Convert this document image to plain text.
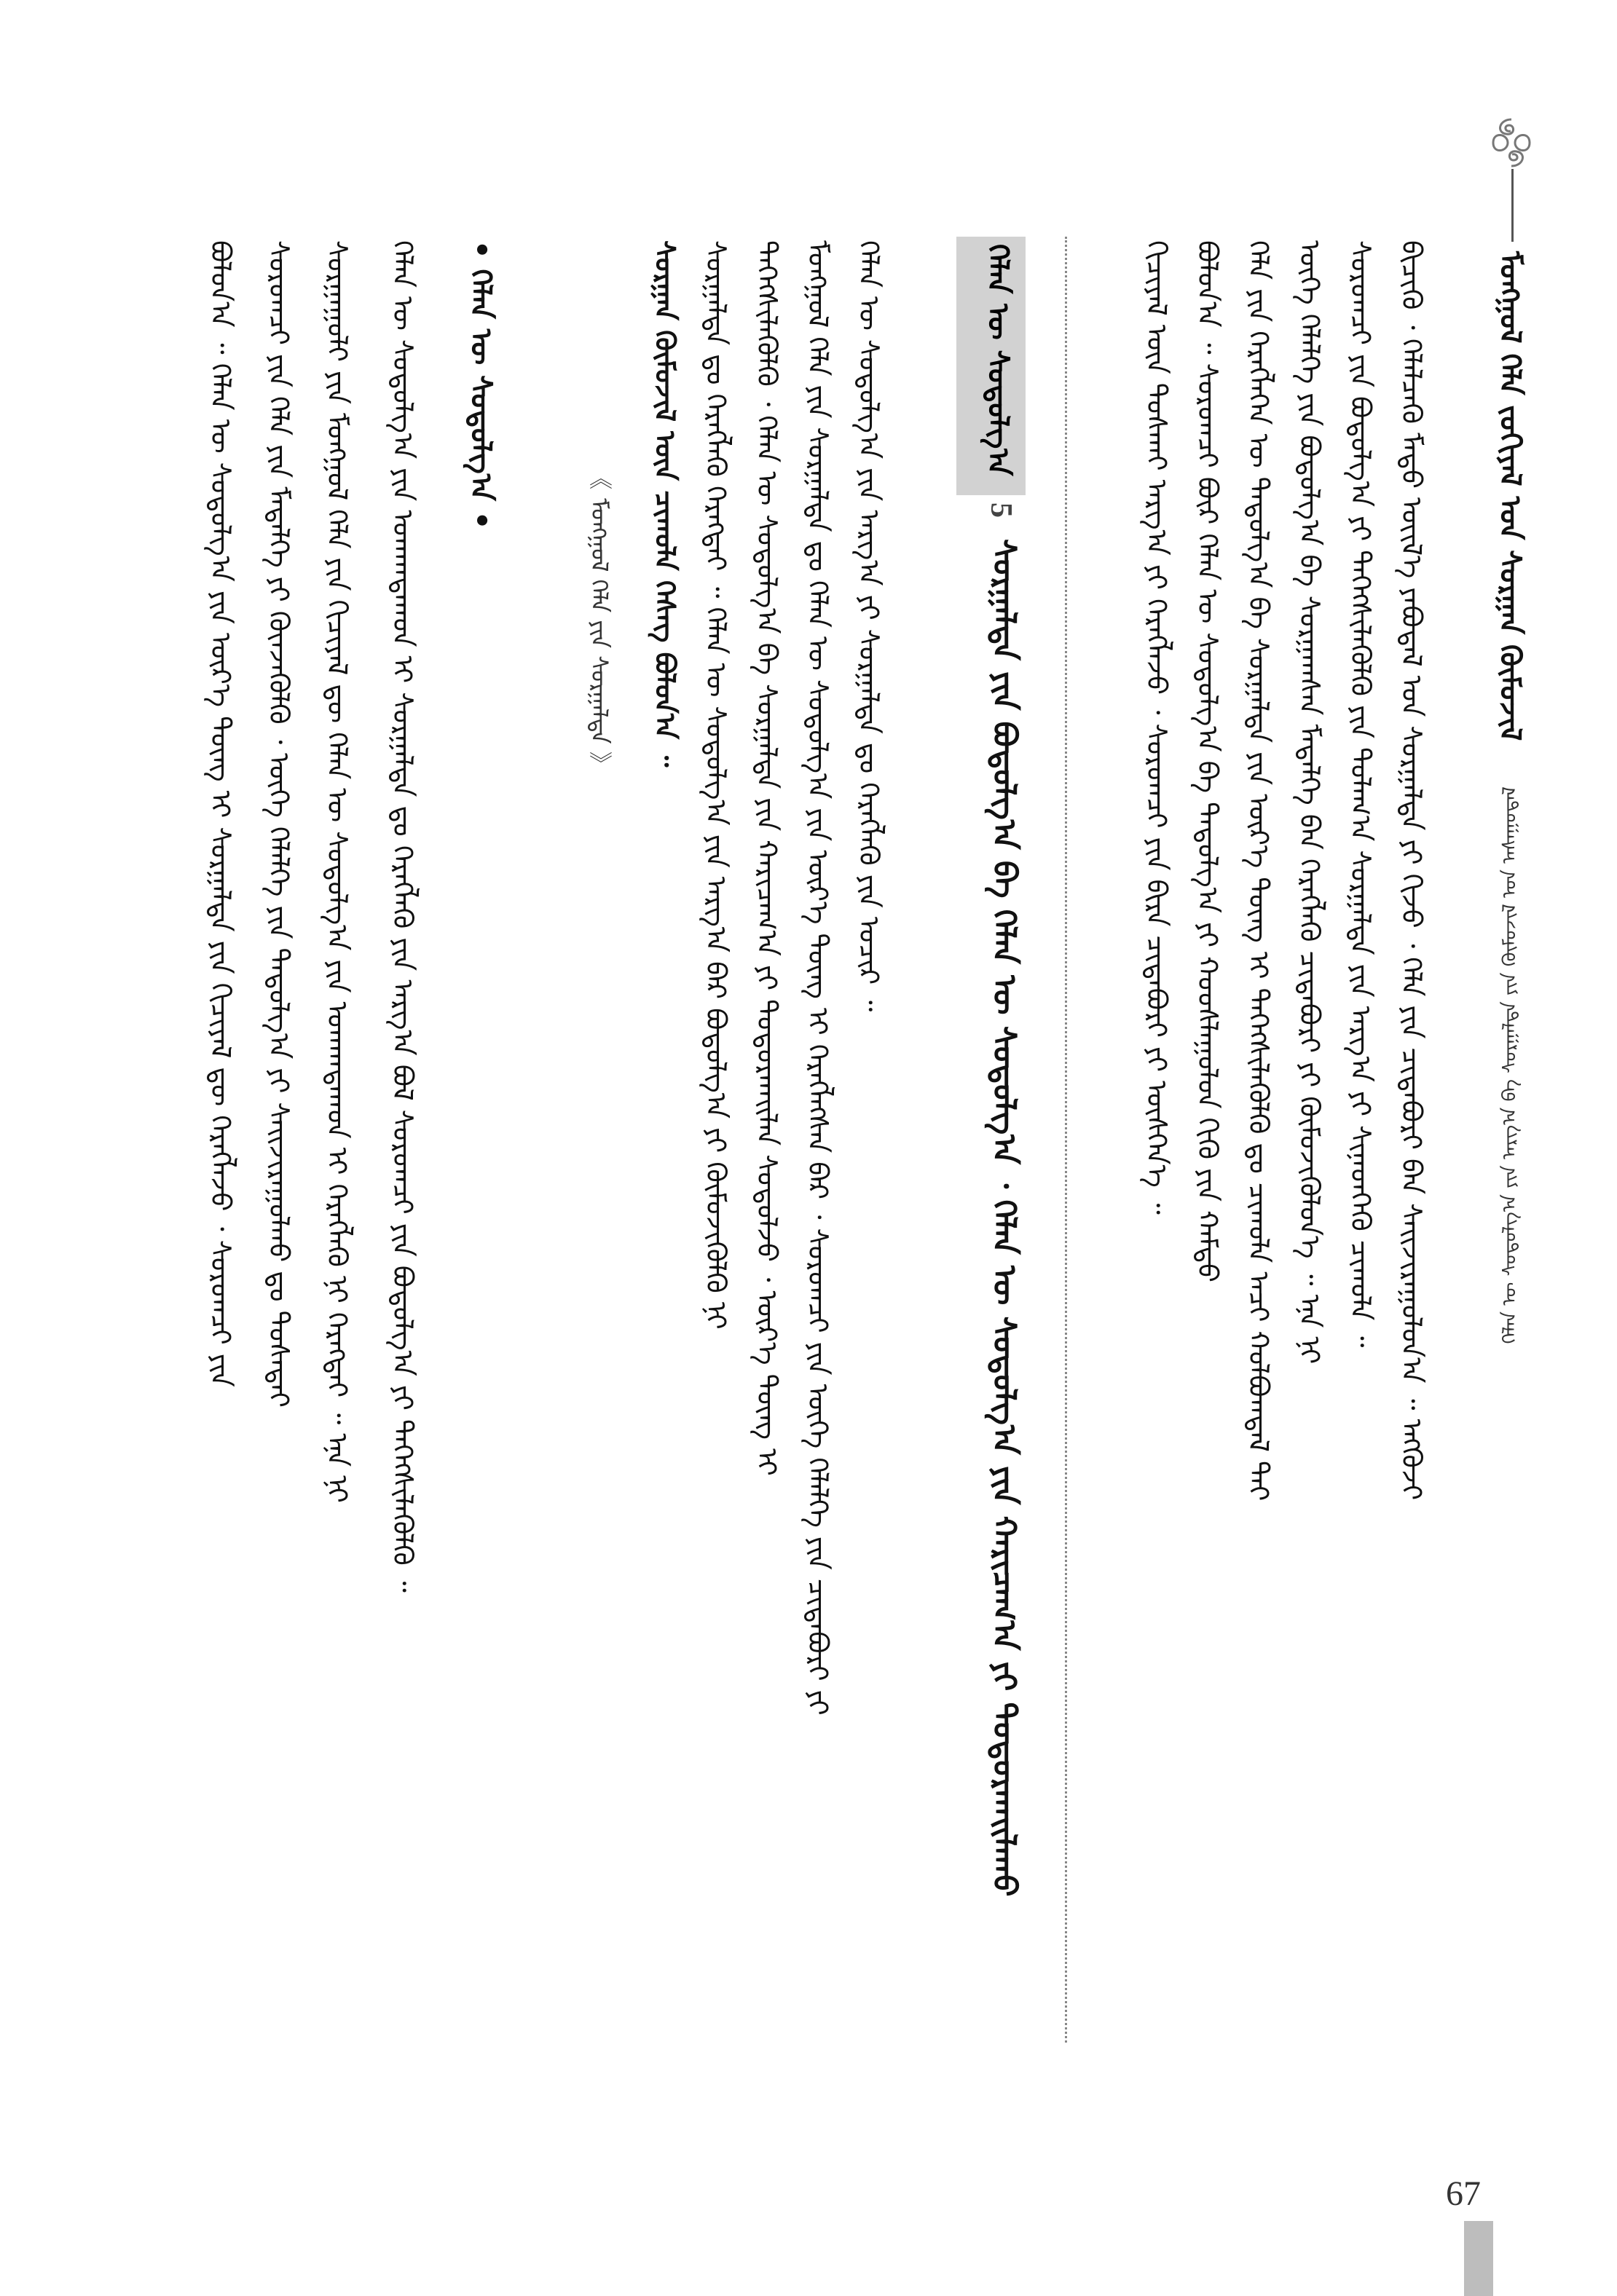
ᠮᠣᠩᠭᠣᠯ ᠬᠡᠯᠡ ᠵᠣᠬᠢᠶᠠᠯ ᠤᠨ ᠰᠤᠷᠭᠠᠨ ᠬᠦᠮᠦᠵᠢᠯ
ᠬᠡᠯᠡᠨ ᠦ ᠰᠤᠳᠤᠯᠭ᠎ᠠ ᠶᠢᠨ ᠠᠷᠭ᠎ᠠ ᠪᠠ ᠰᠤᠷᠭᠠᠯᠲᠠ ᠶᠢᠨ ᠬᠦᠮᠦᠵᠢᠯ ᠤᠨ ᠠᠰᠠᠭᠤᠳᠠᠯ
ᠪᠢᠴᠢᠭᠦ ᠂ ᠬᠡᠯᠡᠯᠴᠡᠬᠦ ᠮᠡᠲᠦ ᠦᠢᠯ᠎ᠡ ᠶᠠᠪᠤᠳᠠᠯ ᠤᠨ ᠰᠤᠷᠭᠠᠯᠲᠠ ᠶᠢ ᠬᠢᠵᠦ ᠂ ᠬᠡᠯᠡ ᠶᠢᠨ ᠴᠢᠳᠠᠪᠤᠷᠢ ᠪᠡᠨ ᠰᠠᠢᠵᠢᠷᠠᠭᠤᠯᠤᠨ᠎ᠠ ᠃ ᠡᠩᠭᠦᠵᠢ
ᠰᠤᠷᠤᠭᠴᠢ ᠶᠢᠨ ᠪᠤᠳᠤᠯᠭ᠎ᠠ ᠶᠢ ᠳᠡᠭᠡᠭᠰᠢᠯᠡᠭᠦᠯᠬᠦ ᠶᠢᠨ ᠲᠤᠯᠠᠭ᠎ᠠ ᠰᠤᠷᠭᠠᠯᠲᠠ ᠶᠢᠨ ᠠᠷᠭ᠎ᠠ ᠶᠢ ᠰᠢᠨᠡᠳᠭᠡᠬᠦ ᠴᠢᠬᠤᠯᠠ ᠃
ᠦᠭᠡ ᠬᠡᠯᠡᠯᠭᠡ ᠶᠢᠨ ᠪᠤᠳᠤᠯᠭ᠎ᠠ ᠪᠠ ᠰᠤᠷᠭᠠᠭᠰᠠᠨ ᠮᠡᠳᠡᠯᠭᠡ ᠪᠡᠨ ᠬᠡᠷᠡᠭᠯᠡᠬᠦ ᠴᠢᠳᠠᠪᠤᠷᠢ ᠶᠢ ᠬᠦᠮᠦᠵᠢᠭᠦᠯᠦᠨ᠎ᠡ ᠃ ᠡᠨᠡ ᠨᠢ
ᠬᠡᠯᠡ ᠶᠢᠨ ᠬᠡᠷᠡᠭᠯᠡᠭᠡᠨ ᠦ ᠳᠠᠳᠤᠯᠭ᠎ᠠ ᠪᠠ ᠰᠤᠷᠭᠠᠯᠲᠠ ᠶᠢᠨ ᠦᠷ᠎ᠡ ᠳᠦᠩ ᠢ ᠳᠡᠭᠡᠭᠰᠢᠯᠡᠭᠦᠯᠬᠦ ᠳᠤ ᠴᠢᠬᠤᠯᠠ ᠠᠴᠢ ᠬᠤᠯᠪᠤᠭᠳᠠᠯ ᠲᠠᠢ
ᠪᠣᠯᠤᠨ᠎ᠠ ᠃ ᠰᠤᠷᠤᠭᠴᠢ ᠪᠦᠷ ᠬᠡᠯᠡᠨ ᠦ ᠰᠤᠳᠤᠯᠭ᠎ᠠ ᠪᠠ ᠳᠠᠳᠤᠯᠭ᠎ᠠ ᠶᠢ ᠬᠤᠤᠰᠯᠠᠭᠤᠯᠤᠨ ᠬᠢᠬᠦ ᠶᠢᠨ ᠬᠠᠮᠲᠤ
ᠬᠢᠴᠢᠶᠡᠯ ᠦᠨ ᠲᠤᠰᠬᠠᠢ ᠠᠷᠭ᠎ᠠ ᠶᠢ ᠬᠡᠷᠡᠭᠯᠡᠵᠦ ᠂ ᠰᠤᠷᠤᠭᠴᠢ ᠶᠢᠨ ᠪᠢᠷᠠ ᠴᠢᠳᠠᠪᠤᠷᠢ ᠶᠢ ᠥᠰᠭᠡᠨ᠎ᠡ ᠃
ᠬᠡᠯᠡᠨ ᠦ ᠰᠤᠳᠤᠯᠭ᠎ᠠ
5
ᠰᠤᠷᠭᠠᠯᠲᠠ ᠶᠢᠨ ᠪᠤᠳᠤᠯᠭ᠎ᠠ ᠪᠠ ᠬᠡᠯᠡᠨ ᠦ ᠰᠤᠳᠤᠯᠭ᠎ᠠ ᠂ ᠬᠡᠯᠡᠨ ᠦ ᠰᠤᠳᠤᠯᠭ᠎ᠠ ᠶᠢᠨ ᠬᠠᠷᠢᠴᠠᠭ᠎ᠠ ᠶᠢ ᠲᠤᠳᠤᠷᠬᠠᠢᠯᠠᠬᠤ
ᠬᠡᠯᠡᠨ ᠦ ᠰᠤᠳᠤᠯᠭ᠎ᠠ ᠶᠢᠨ ᠠᠷᠭ᠎ᠠ ᠶᠢ ᠰᠤᠷᠭᠠᠯᠲᠠ ᠳᠤ ᠬᠡᠷᠡᠭᠯᠡᠬᠦ ᠶᠢᠨ ᠤᠴᠢᠷ ᠃
ᠮᠣᠩᠭᠣᠯ ᠬᠡᠯᠡ ᠶᠢᠨ ᠰᠤᠷᠭᠠᠯᠲᠠ ᠳᠤ ᠬᠡᠯᠡᠨ ᠦ ᠰᠤᠳᠤᠯᠭ᠎ᠠ ᠶᠢᠨ ᠦᠷ᠎ᠡ ᠳᠦᠩ ᠢ ᠬᠡᠷᠡᠭᠯᠡᠭᠰᠡᠨ ᠪᠡᠷ ᠂ ᠰᠤᠷᠤᠭᠴᠢ ᠶᠢᠨ ᠦᠭᠡ ᠬᠡᠯᠡᠯᠭᠡ ᠶᠢᠨ ᠴᠢᠳᠠᠪᠤᠷᠢ ᠶᠢ
ᠳᠡᠭᠡᠭᠰᠢᠯᠡᠭᠦᠯᠬᠦ ᠂ ᠬᠡᠯᠡᠨ ᠦ ᠰᠤᠳᠤᠯᠭ᠎ᠠ ᠪᠠ ᠰᠤᠷᠭᠠᠯᠲᠠ ᠶᠢᠨ ᠬᠠᠷᠢᠴᠠᠭ᠎ᠠ ᠶᠢ ᠲᠤᠳᠤᠷᠬᠠᠢᠯᠠᠨ ᠰᠤᠳᠤᠯᠵᠤ ᠂ ᠦᠷ᠎ᠡ ᠳᠦᠩ ᠢ
ᠰᠤᠷᠭᠠᠯᠲᠠ ᠳᠤ ᠬᠡᠷᠡᠭᠯᠡᠬᠦ ᠬᠡᠷᠡᠭᠲᠡᠢ ᠃ ᠬᠡᠯᠡᠨ ᠦ ᠰᠤᠳᠤᠯᠭ᠎ᠠ ᠶᠢᠨ ᠠᠷᠭ᠎ᠠ ᠪᠠᠷ ᠪᠤᠳᠤᠯᠭ᠎ᠠ ᠶᠢ ᠬᠦᠮᠦᠵᠢᠭᠦᠯᠬᠦ ᠨᠢ
ᠰᠤᠷᠭᠠᠨ ᠬᠦᠮᠦᠵᠢᠯ ᠦᠨ ᠴᠢᠬᠤᠯᠠ ᠬᠡᠰᠡᠭ ᠪᠣᠯᠤᠨ᠎ᠠ ᠃
《 ᠮᠣᠩᠭᠣᠯ ᠬᠡᠯᠡ ᠶᠢᠨ ᠰᠤᠷᠭᠠᠯᠲᠠ 》
• ᠬᠡᠯᠡᠨ ᠦ ᠰᠤᠳᠤᠯᠭ᠎ᠠ •
ᠬᠡᠯᠡᠨ ᠦ ᠰᠤᠳᠤᠯᠭ᠎ᠠ ᠶᠢᠨ ᠤᠬᠠᠭᠳᠠᠬᠤᠨ ᠢ ᠰᠤᠷᠭᠠᠯᠲᠠ ᠳᠤ ᠬᠡᠷᠡᠭᠯᠡᠬᠦ ᠶᠢᠨ ᠠᠷᠭ᠎ᠠ ᠪᠣᠯ ᠰᠤᠷᠤᠭᠴᠢ ᠶᠢᠨ ᠪᠤᠳᠤᠯᠭ᠎ᠠ ᠶᠢ ᠳᠡᠭᠡᠭᠰᠢᠯᠡᠭᠦᠯᠬᠦ ᠃
ᠰᠤᠷᠭᠠᠭᠤᠯᠢ ᠶᠢᠨ ᠮᠣᠩᠭᠣᠯ ᠬᠡᠯᠡ ᠶᠢᠨ ᠬᠢᠴᠢᠶᠡᠯ ᠳᠦ ᠬᠡᠯᠡᠨ ᠦ ᠰᠤᠳᠤᠯᠭ᠎ᠠ ᠶᠢᠨ ᠤᠬᠠᠭᠳᠠᠬᠤᠨ ᠢ ᠬᠡᠷᠡᠭᠯᠡᠬᠦ ᠨᠢ ᠬᠡᠷᠡᠭᠲᠡᠢ ᠃ ᠡᠨᠡ ᠨᠢ
ᠰᠤᠷᠤᠭᠴᠢ ᠶᠢᠨ ᠬᠡᠯᠡ ᠶᠢᠨ ᠮᠡᠳᠡᠯᠭᠡ ᠶᠢ ᠭᠦᠨᠵᠡᠭᠦᠯᠬᠦ ᠂ ᠦᠭᠡ ᠬᠡᠯᠡᠯᠭᠡ ᠶᠢᠨ ᠳᠠᠳᠤᠯᠭ᠎ᠠ ᠶᠢ ᠰᠠᠢᠵᠢᠷᠠᠭᠤᠯᠬᠤ ᠳᠤ ᠲᠤᠰᠠᠲᠠᠢ
ᠪᠣᠯᠤᠨ᠎ᠠ ᠃ ᠬᠡᠯᠡᠨ ᠦ ᠰᠤᠳᠤᠯᠭ᠎ᠠ ᠶᠢᠨ ᠦᠷ᠎ᠡ ᠳᠦᠩ ᠢ ᠰᠤᠷᠭᠠᠯᠲᠠ ᠶᠢᠨ ᠬᠢᠴᠢᠶᠡᠯ ᠳᠦ ᠬᠡᠷᠡᠭᠯᠡᠵᠦ ᠂ ᠰᠤᠷᠤᠭᠴᠢ ᠶᠢᠨ
67
